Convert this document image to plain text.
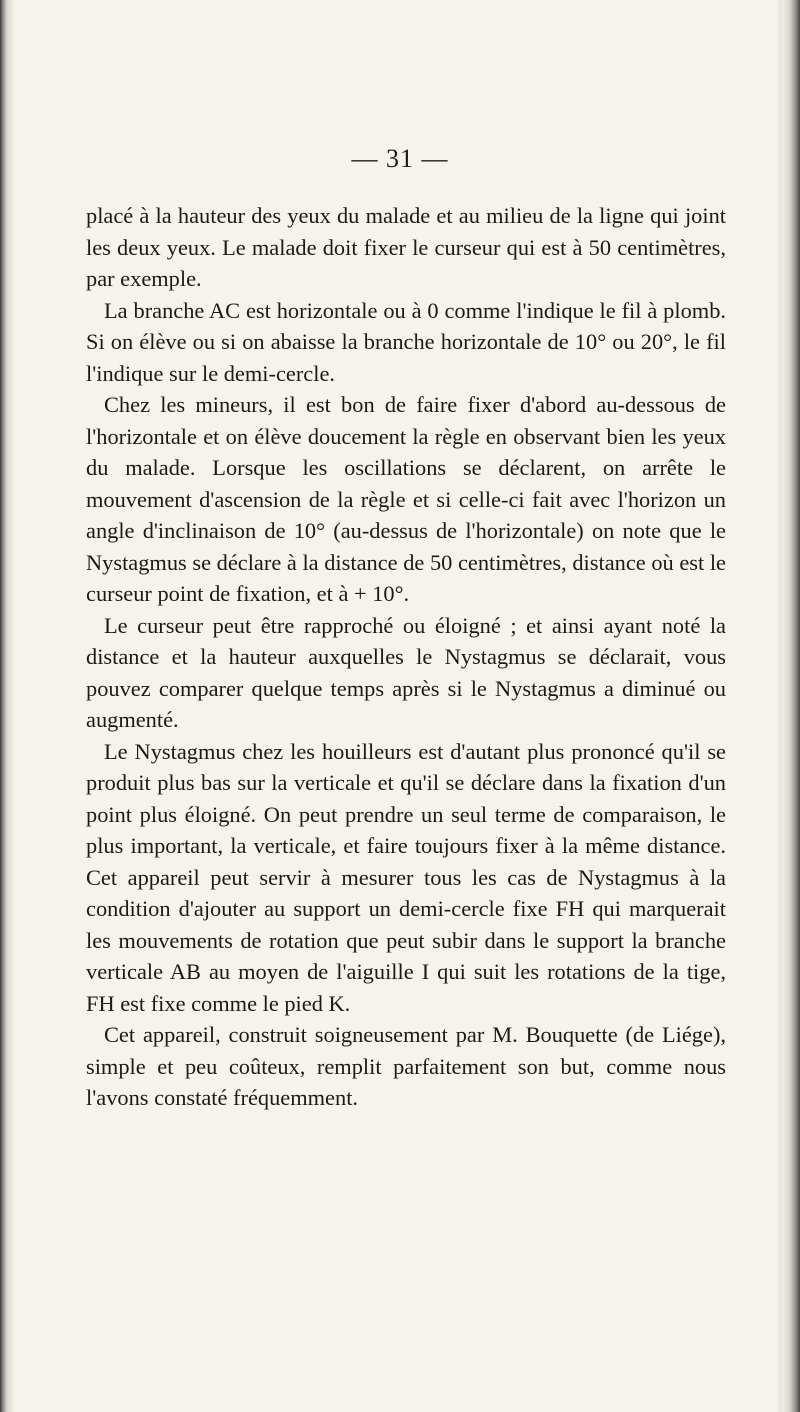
— 31 —

placé à la hauteur des yeux du malade et au milieu de la ligne qui joint les deux yeux. Le malade doit fixer le curseur qui est à 50 centimètres, par exemple.

La branche AC est horizontale ou à 0 comme l'indique le fil à plomb. Si on élève ou si on abaisse la branche horizontale de 10° ou 20°, le fil l'indique sur le demi-cercle.

Chez les mineurs, il est bon de faire fixer d'abord au-dessous de l'horizontale et on élève doucement la règle en observant bien les yeux du malade. Lorsque les oscillations se déclarent, on arrête le mouvement d'ascension de la règle et si celle-ci fait avec l'horizon un angle d'inclinaison de 10° (au-dessus de l'horizontale) on note que le Nystagmus se déclare à la distance de 50 centimètres, distance où est le curseur point de fixation, et à + 10°.

Le curseur peut être rapproché ou éloigné ; et ainsi ayant noté la distance et la hauteur auxquelles le Nystagmus se déclarait, vous pouvez comparer quelque temps après si le Nystagmus a diminué ou augmenté.

Le Nystagmus chez les houilleurs est d'autant plus prononcé qu'il se produit plus bas sur la verticale et qu'il se déclare dans la fixation d'un point plus éloigné. On peut prendre un seul terme de comparaison, le plus important, la verticale, et faire toujours fixer à la même distance. Cet appareil peut servir à mesurer tous les cas de Nystagmus à la condition d'ajouter au support un demi-cercle fixe FH qui marquerait les mouvements de rotation que peut subir dans le support la branche verticale AB au moyen de l'aiguille I qui suit les rotations de la tige, FH est fixe comme le pied K.

Cet appareil, construit soigneusement par M. Bouquette (de Liége), simple et peu coûteux, remplit parfaitement son but, comme nous l'avons constaté fréquemment.
